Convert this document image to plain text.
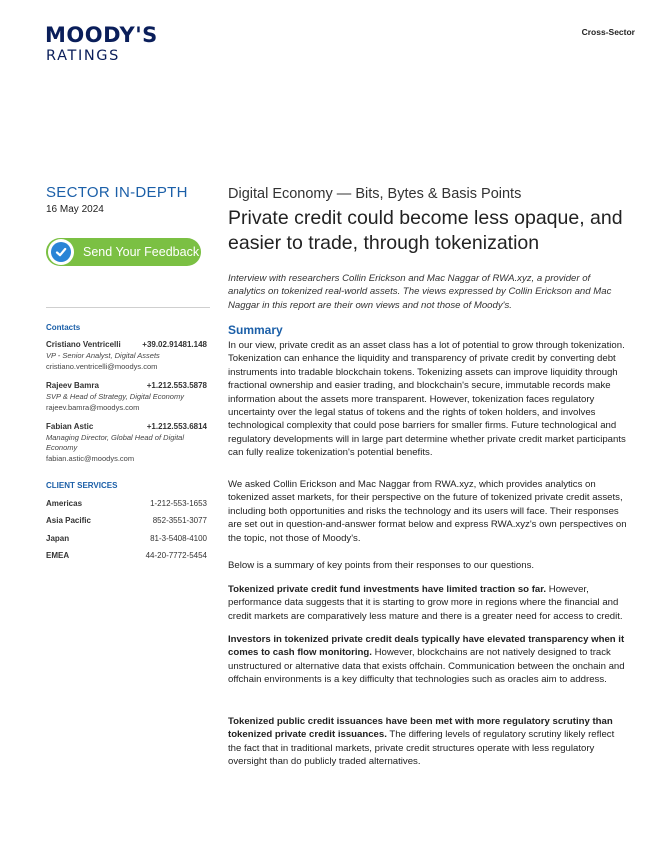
MOODY'S
RATINGS
Cross-Sector
SECTOR IN-DEPTH
16 May 2024
Send Your Feedback
Contacts
Cristiano Ventricelli	+39.02.91481.148
VP - Senior Analyst, Digital Assets
cristiano.ventricelli@moodys.com
Rajeev Bamra	+1.212.553.5878
SVP & Head of Strategy, Digital Economy
rajeev.bamra@moodys.com
Fabian Astic	+1.212.553.6814
Managing Director, Global Head of Digital Economy
fabian.astic@moodys.com
CLIENT SERVICES
Americas	1-212-553-1653
Asia Pacific	852-3551-3077
Japan	81-3-5408-4100
EMEA	44-20-7772-5454
Digital Economy — Bits, Bytes & Basis Points
Private credit could become less opaque, and easier to trade, through tokenization
Interview with researchers Collin Erickson and Mac Naggar of RWA.xyz, a provider of analytics on tokenized real-world assets. The views expressed by Collin Erickson and Mac Naggar in this report are their own views and not those of Moody's.
Summary
In our view, private credit as an asset class has a lot of potential to grow through tokenization. Tokenization can enhance the liquidity and transparency of private credit by converting debt instruments into tradable blockchain tokens. Tokenizing assets can improve liquidity through fractional ownership and easier trading, and blockchain's secure, immutable records make information about the assets more transparent. However, tokenization faces regulatory uncertainty over the legal status of tokens and the rights of token holders, and involves technological complexity that could pose barriers for smaller firms. Future technological and regulatory developments will in large part determine whether private credit market participants can fully realize tokenization's potential benefits.
We asked Collin Erickson and Mac Naggar from RWA.xyz, which provides analytics on tokenized asset markets, for their perspective on the future of tokenized private credit assets, including both opportunities and risks the technology and its users will face. Their responses are set out in question-and-answer format below and express RWA.xyz's own perspectives on the topic, not those of Moody's.
Below is a summary of key points from their responses to our questions.
Tokenized private credit fund investments have limited traction so far. However, performance data suggests that it is starting to grow more in regions where the financial and credit markets are comparatively less mature and there is a greater need for access to credit.
Investors in tokenized private credit deals typically have elevated transparency when it comes to cash flow monitoring. However, blockchains are not natively designed to track unstructured or alternative data that exists offchain. Communication between the onchain and offchain environments is a key difficulty that technologies such as oracles aim to address.
Tokenized public credit issuances have been met with more regulatory scrutiny than tokenized private credit issuances. The differing levels of regulatory scrutiny likely reflect the fact that in traditional markets, private credit structures operate with less regulatory oversight than do publicly traded alternatives.
